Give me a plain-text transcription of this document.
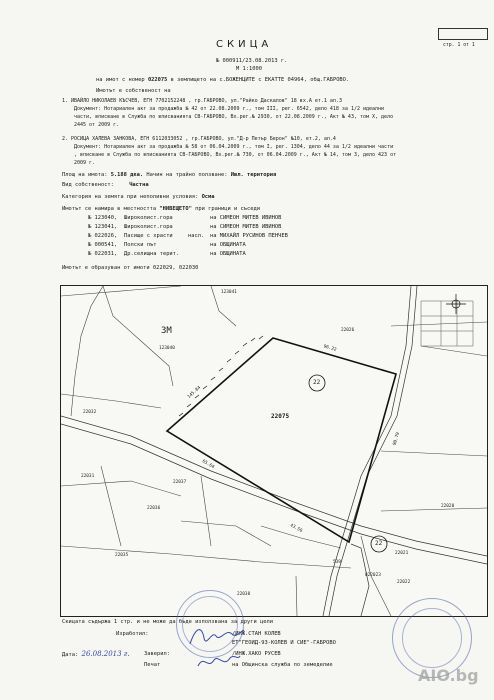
стр. 1 от 1
СКИЦА
№ 000911/23.08.2013 г.
М 1:1000
на имот с номер 022075 в землището на с.БОЖЕНЦИТЕ с ЕКАТТЕ 04964, общ.ГАБРОВО.
Имотът е собственост на
1. ИВАЙЛО НИКОЛАЕВ КЪСЧЕВ, ЕГН 7702152248 , гр.ГАБРОВО, ул."Райко Даскалов" 18 вх.А ет.1 ап.3
Документ: Нотариален акт за продажба № 42 от 22.08.2009 г., том III, рег. 6542, дело 418 за 1/2 идеални
части, вписване в Служба по вписванията СВ-ГАБРОВО, Вх.рег.№ 2930, от 22.08.2009 г., Акт № 43, том X, дело
2445 от 2009 г.
2. РОСИЦА ХАЛЕВА ЗАНКОВА, ЕГН 6112033052 , гр.ГАБРОВО, ул."Д-р Петър Берон" №10, ет.2, ап.4
Документ: Нотариален акт за продажба № 58 от 06.04.2009 г., том I, рег. 1304, дело 44 за 1/2 идеални части
, вписване в Служба по вписванията СВ-ГАБРОВО, Вх.рег.№ 730, от 06.04.2009 г., Акт № 14, том 3, дело 423 от
2009 г.
Площ на имота: 5.188 дка. Начин на трайно ползване: Ивл. територия
Вид собственост:	Частна
Категория на земята при неполивни условия: Осма
Имотът се намира в местността "НИВЕЩЕТО" при граници и съседи
№ 123040, Широколист.гора	на СИМЕОН МИТЕВ ИВИНОВ
№ 123041, Широколист.гора	на СИМЕОН МИТЕВ ИВИНОВ
№ 022026, Пасище с храсти	насл. на МИХАЙЛ РУСИНОВ ПЕНЧЕВ
№ 000541, Полски път	на ОБЩИНАТА
№ 022031, Др.селищна терит.	на ОБЩИНАТА
Имотът е образуван от имоти 022029, 022030
22075
22
22
ЗМ
123041
123040
22026
22032
22031
22037
22036
22035
22038
22020
22021
022023
22022
96.22
145.84
90.79
65.64
43.56
539
Скицата съдържа 1 стр. и не може да бъде използвана за други цели
Изработил:	/ИНЖ.СТАН КОЛЕВ
ЕТ"ГЕОИД-93-КОЛЕВ И СИЕ"-ГАБРОВО
Дата: 26.08.2013 г.	Заверил:	/ИНЖ.ХАКО РУСЕВ
Печат	на Общинска служба по земеделие
AIO.bg
